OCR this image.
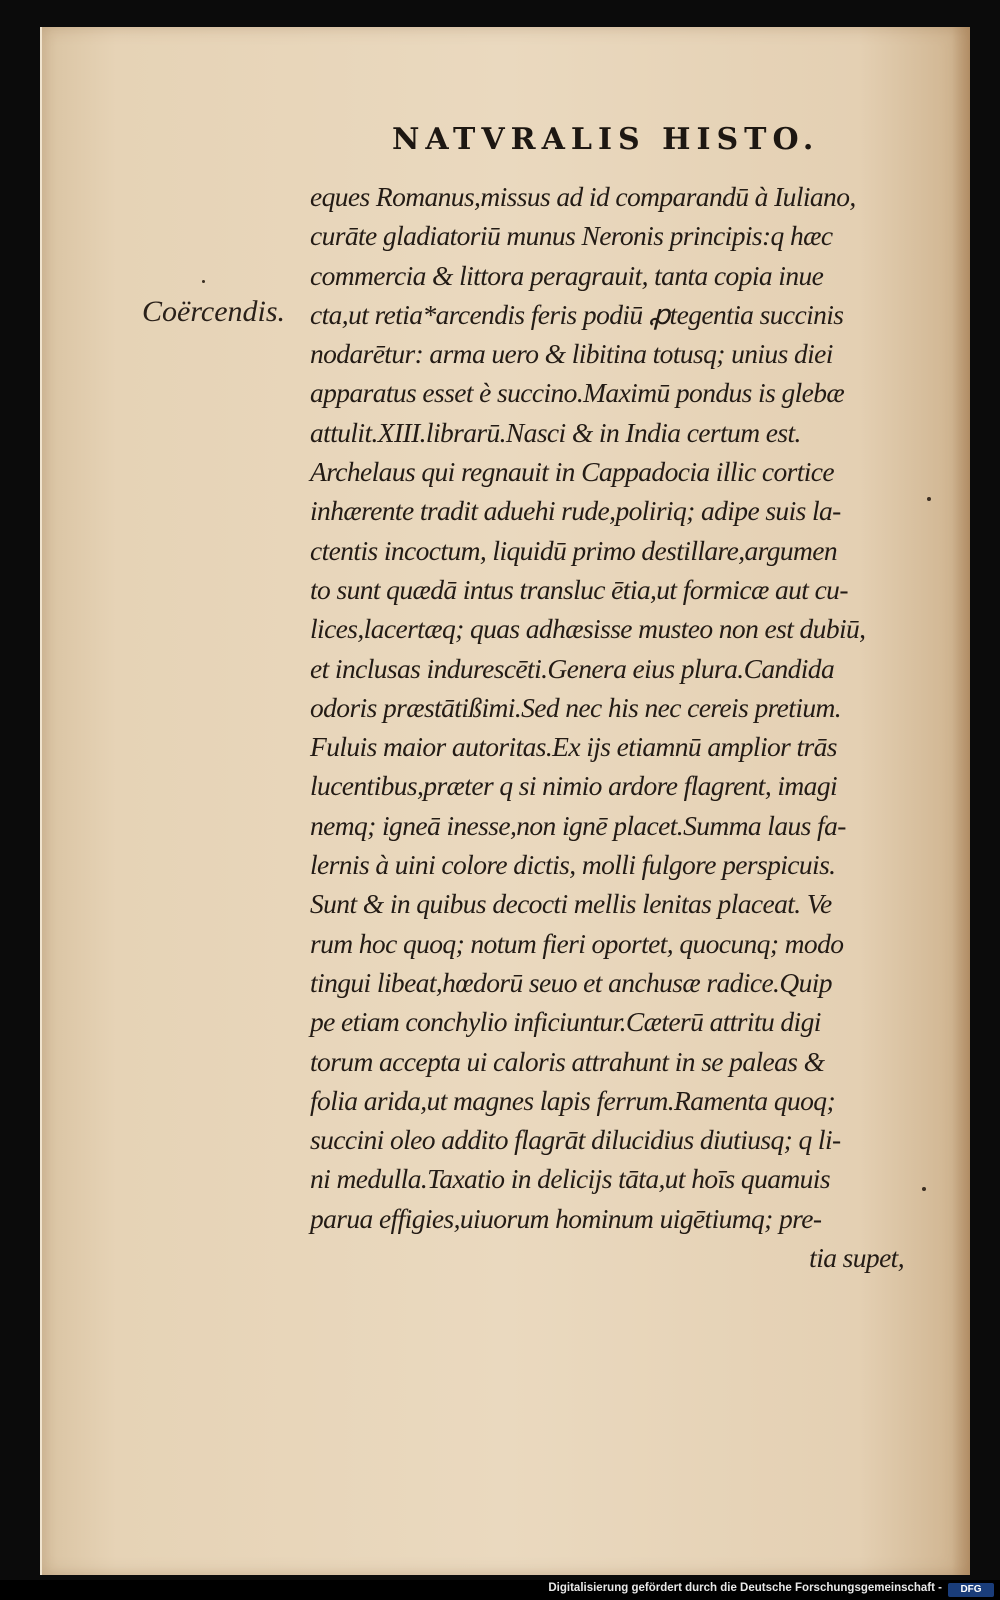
NATVRALIS HISTO.
Coërcendis.
eques Romanus,missus ad id comparandū à Iuliano,
curāte gladiatoriū munus Neronis principis:q hæc
commercia & littora peragrauit, tanta copia inue
cta,ut retia*arcendis feris podiū ꝓtegentia succinis
nodarētur: arma uero & libitina totusq; unius diei
apparatus esset è succino.Maximū pondus is glebæ
attulit.XIII.librarū.Nasci & in India certum est.
Archelaus qui regnauit in Cappadocia illic cortice
inhærente tradit aduehi rude,poliriq; adipe suis la-
ctentis incoctum, liquidū primo destillare,argumen
to sunt quædā intus transluc ētia,ut formicæ aut cu-
lices,lacertæq; quas adhæsisse musteo non est dubiū,
et inclusas indurescēti.Genera eius plura.Candida
odoris præstātißimi.Sed nec his nec cereis pretium.
Fuluis maior autoritas.Ex ijs etiamnū amplior trās
lucentibus,præter q si nimio ardore flagrent, imagi
nemq; igneā inesse,non ignē placet.Summa laus fa-
lernis à uini colore dictis, molli fulgore perspicuis.
Sunt & in quibus decocti mellis lenitas placeat. Ve
rum hoc quoq; notum fieri oportet, quocunq; modo
tingui libeat,hœdorū seuo et anchusæ radice.Quip
pe etiam conchylio inficiuntur.Cæterū attritu digi
torum accepta ui caloris attrahunt in se paleas &
folia arida,ut magnes lapis ferrum.Ramenta quoq;
succini oleo addito flagrāt dilucidius diutiusq; q li-
ni medulla.Taxatio in delicijs tāta,ut hoīs quamuis
parua effigies,uiuorum hominum uigētiumq; pre-
tia supet,
Digitalisierung gefördert durch die Deutsche Forschungsgemeinschaft -	DFG
